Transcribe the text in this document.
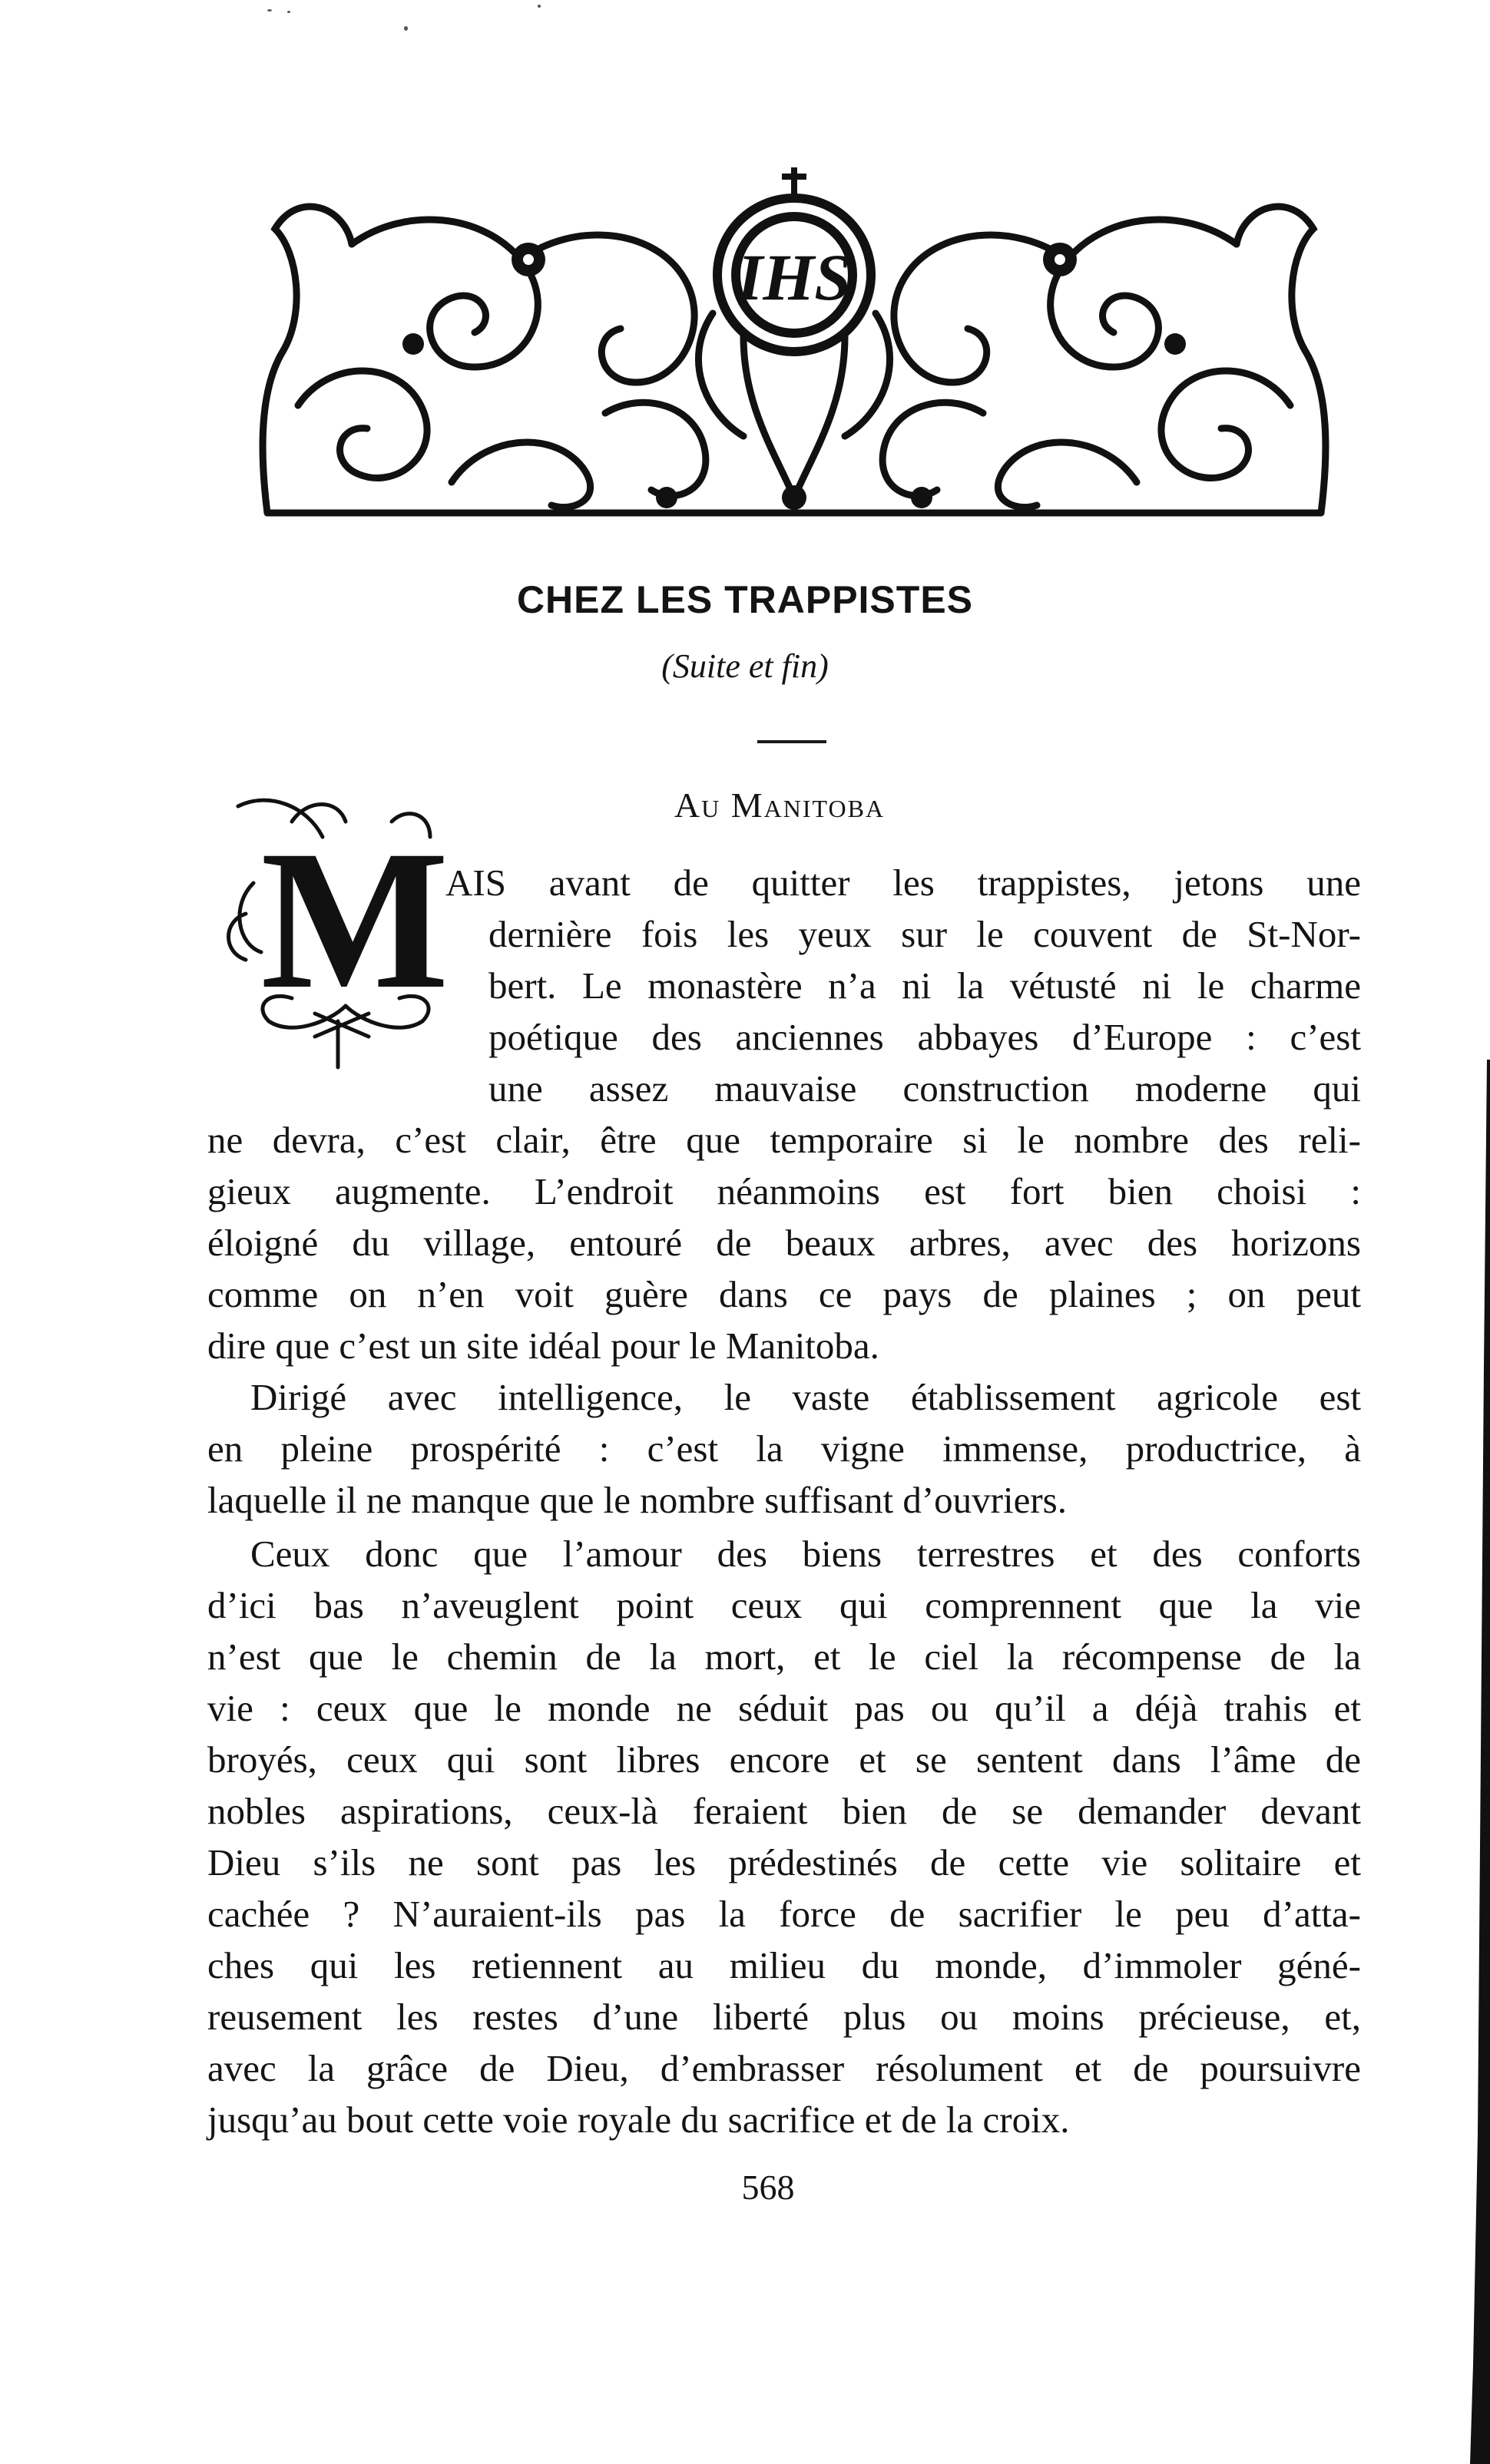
IHS
CHEZ LES TRAPPISTES
(Suite et fin)
Au Manitoba
M
AIS avant de quitter les trappistes, jetons une
dernière fois les yeux sur le couvent de St-Nor-
bert. Le monastère n’a ni la vétusté ni le charme
poétique des anciennes abbayes d’Europe : c’est
une assez mauvaise construction moderne qui
ne devra, c’est clair, être que temporaire si le nombre des reli-
gieux augmente. L’endroit néanmoins est fort bien choisi :
éloigné du village, entouré de beaux arbres, avec des horizons
comme on n’en voit guère dans ce pays de plaines ; on peut
dire que c’est un site idéal pour le Manitoba.
Dirigé avec intelligence, le vaste établissement agricole est
en pleine prospérité : c’est la vigne immense, productrice, à
laquelle il ne manque que le nombre suffisant d’ouvriers.
Ceux donc que l’amour des biens terrestres et des conforts
d’ici bas n’aveuglent point ceux qui comprennent que la vie
n’est que le chemin de la mort, et le ciel la récompense de la
vie : ceux que le monde ne séduit pas ou qu’il a déjà trahis et
broyés, ceux qui sont libres encore et se sentent dans l’âme de
nobles aspirations, ceux-là feraient bien de se demander devant
Dieu s’ils ne sont pas les prédestinés de cette vie solitaire et
cachée ? N’auraient-ils pas la force de sacrifier le peu d’atta-
ches qui les retiennent au milieu du monde, d’immoler géné-
reusement les restes d’une liberté plus ou moins précieuse, et,
avec la grâce de Dieu, d’embrasser résolument et de poursuivre
jusqu’au bout cette voie royale du sacrifice et de la croix.
568
